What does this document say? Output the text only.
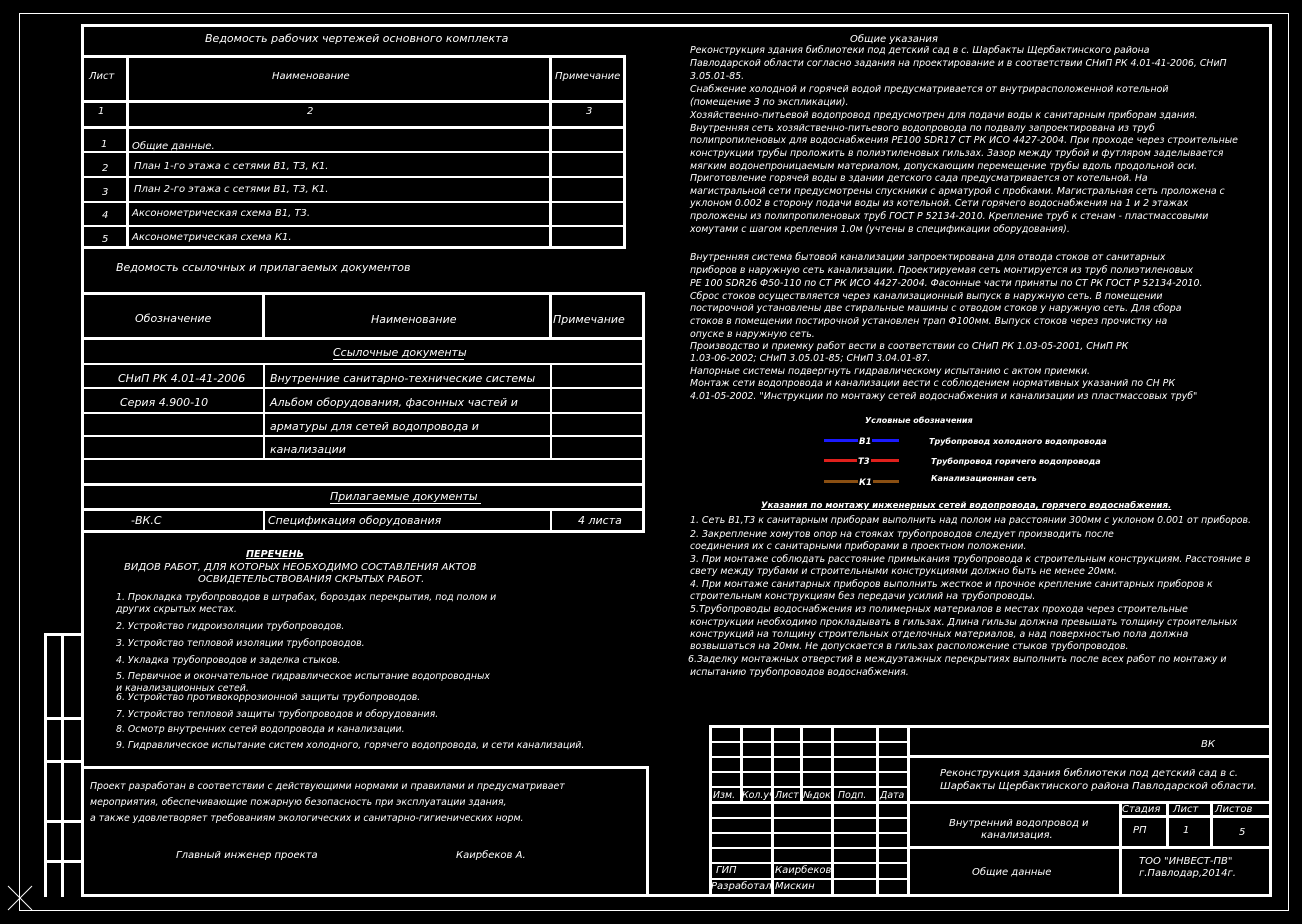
Ведомость рабочих чертежей основного комплекта
Лист	Наименование	Примечание
1	2	3
1 Общие данные.
2	План 1-го этажа с сетями В1, Т3, К1.
3	План 2-го этажа с сетями В1, Т3, К1.
4 Аксонометрическая схема В1, Т3.
5 Аксонометрическая схема К1.
Ведомость ссылочных и прилагаемых документов
Обозначение	Наименование	Примечание
Ссылочные документы
СНиП РК 4.01-41-2006 Внутренние санитарно-технические системы
Серия 4.900-10	Альбом оборудования, фасонных частей и
арматуры для сетей водопровода и
канализации
Прилагаемые документы
-ВК.С	Спецификация оборудования	4 листа
ПЕРЕЧЕНЬ
ВИДОВ РАБОТ, ДЛЯ КОТОРЫХ НЕОБХОДИМО СОСТАВЛЕНИЯ АКТОВ
ОСВИДЕТЕЛЬСТВОВАНИЯ СКРЫТЫХ РАБОТ.
1. Прокладка трубопроводов в штрабах, бороздах перекрытия, под полом и
других скрытых местах.
2. Устройство гидроизоляции трубопроводов.
3. Устройство тепловой изоляции трубопроводов.
4. Укладка трубопроводов и заделка стыков.
5. Первичное и окончательное гидравлическое испытание водопроводных
и канализационных сетей.
6. Устройство противокоррозионной защиты трубопроводов.
7. Устройство тепловой защиты трубопроводов и оборудования.
8. Осмотр внутренних сетей водопровода и канализации.
9. Гидравлическое испытание систем холодного, горячего водопровода, и сети канализаций.
Проект разработан в соответствии с действующими нормами и правилами и предусматривает
мероприятия, обеспечивающие пожарную безопасность при эксплуатации здания,
а также удовлетворяет требованиям экологических и санитарно-гигиенических норм.
Главный инженер проекта	Каирбеков А.
Общие указания
Реконструкция здания библиотеки под детский сад в с. Шарбакты Щербактинского района
Павлодарской области согласно задания на проектирование и в соответствии СНиП РК 4.01-41-2006, СНиП
3.05.01-85.
Снабжение холодной и горячей водой предусматривается от внутрирасположенной котельной
(помещение 3 по экспликации).
Хозяйственно-питьевой водопровод предусмотрен для подачи воды к санитарным приборам здания.
Внутренняя сеть хозяйственно-питьевого водопровода по подвалу запроектирована из труб
полипропиленовых для водоснабжения PE100 SDR17 СТ РК ИСО 4427-2004. При проходе через строительные
конструкции трубы проложить в полиэтиленовых гильзах. Зазор между трубой и футляром заделывается
мягким водонепроницаемым материалом, допускающим перемещение трубы вдоль продольной оси.
Приготовление горячей воды в здании детского сада предусматривается от котельной. На
магистральной сети предусмотрены спускники с арматурой с пробками. Магистральная сеть проложена с
уклоном 0.002 в сторону подачи воды из котельной. Сети горячего водоснабжения на 1 и 2 этажах
проложены из полипропиленовых труб ГОСТ Р 52134-2010. Крепление труб к стенам - пластмассовыми
хомутами с шагом крепления 1.0м (учтены в спецификации оборудования).
Внутренняя система бытовой канализации запроектирована для отвода стоков от санитарных
приборов в наружную сеть канализации. Проектируемая сеть монтируется из труб полиэтиленовых
PE 100 SDR26 Ф50-110 по СТ РК ИСО 4427-2004. Фасонные части приняты по СТ РК ГОСТ Р 52134-2010.
Сброс стоков осуществляется через канализационный выпуск в наружную сеть. В помещении
постирочной установлены две стиральные машины с отводом стоков у наружную сеть. Для сбора
стоков в помещении постирочной установлен трап Ф100мм. Выпуск стоков через прочистку на
опуске в наружную сеть.
Производство и приемку работ вести в соответствии со СНиП РК 1.03-05-2001, СНиП РК
1.03-06-2002; СНиП 3.05.01-85; СНиП 3.04.01-87.
Напорные системы подвергнуть гидравлическому испытанию с актом приемки.
Монтаж сети водопровода и канализации вести с соблюдением нормативных указаний по СН РК
4.01-05-2002. "Инструкции по монтажу сетей водоснабжения и канализации из пластмассовых труб"
Условные обозначения
В1
Т3
К1
Трубопровод холодного водопровода
Трубопровод горячего водопровода
Канализационная сеть
Указания по монтажу инженерных сетей водопровода, горячего водоснабжения.
1. Сеть В1,Т3 к санитарным приборам выполнить над полом на расстоянии 300мм с уклоном 0.001 от приборов.
2. Закрепление хомутов опор на стояках трубопроводов следует производить после
соединения их с санитарными приборами в проектном положении.
3. При монтаже соблюдать расстояние примыкания трубопровода к строительным конструкциям. Расстояние в
свету между трубами и строительными конструкциями должно быть не менее 20мм.
4. При монтаже санитарных приборов выполнить жесткое и прочное крепление санитарных приборов к
строительным конструкциям без передачи усилий на трубопроводы.
5.Трубопроводы водоснабжения из полимерных материалов в местах прохода через строительные
конструкции необходимо прокладывать в гильзах. Длина гильзы должна превышать толщину строительных
конструкций на толщину строительных отделочных материалов, а над поверхностью пола должна
возвышаться на 20мм. Не допускается в гильзах расположение стыков трубопроводов.
6.Заделку монтажных отверстий в междуэтажных перекрытиях выполнить после всех работ по монтажу и
испытанию трубопроводов водоснабжения.
ВК
Реконструкция здания библиотеки под детский сад в с.
Шарбакты Щербактинского района Павлодарской области.
Изм. Кол.уч Лист №док Подп. Дата
Стадия Лист Листов
РП	1	5
Внутренний водопровод и
канализация.
Общие данные
ТОО "ИНВЕСТ-ПВ"
г.Павлодар,2014г.
ГИП	Каирбеков
Разработал Мискин
